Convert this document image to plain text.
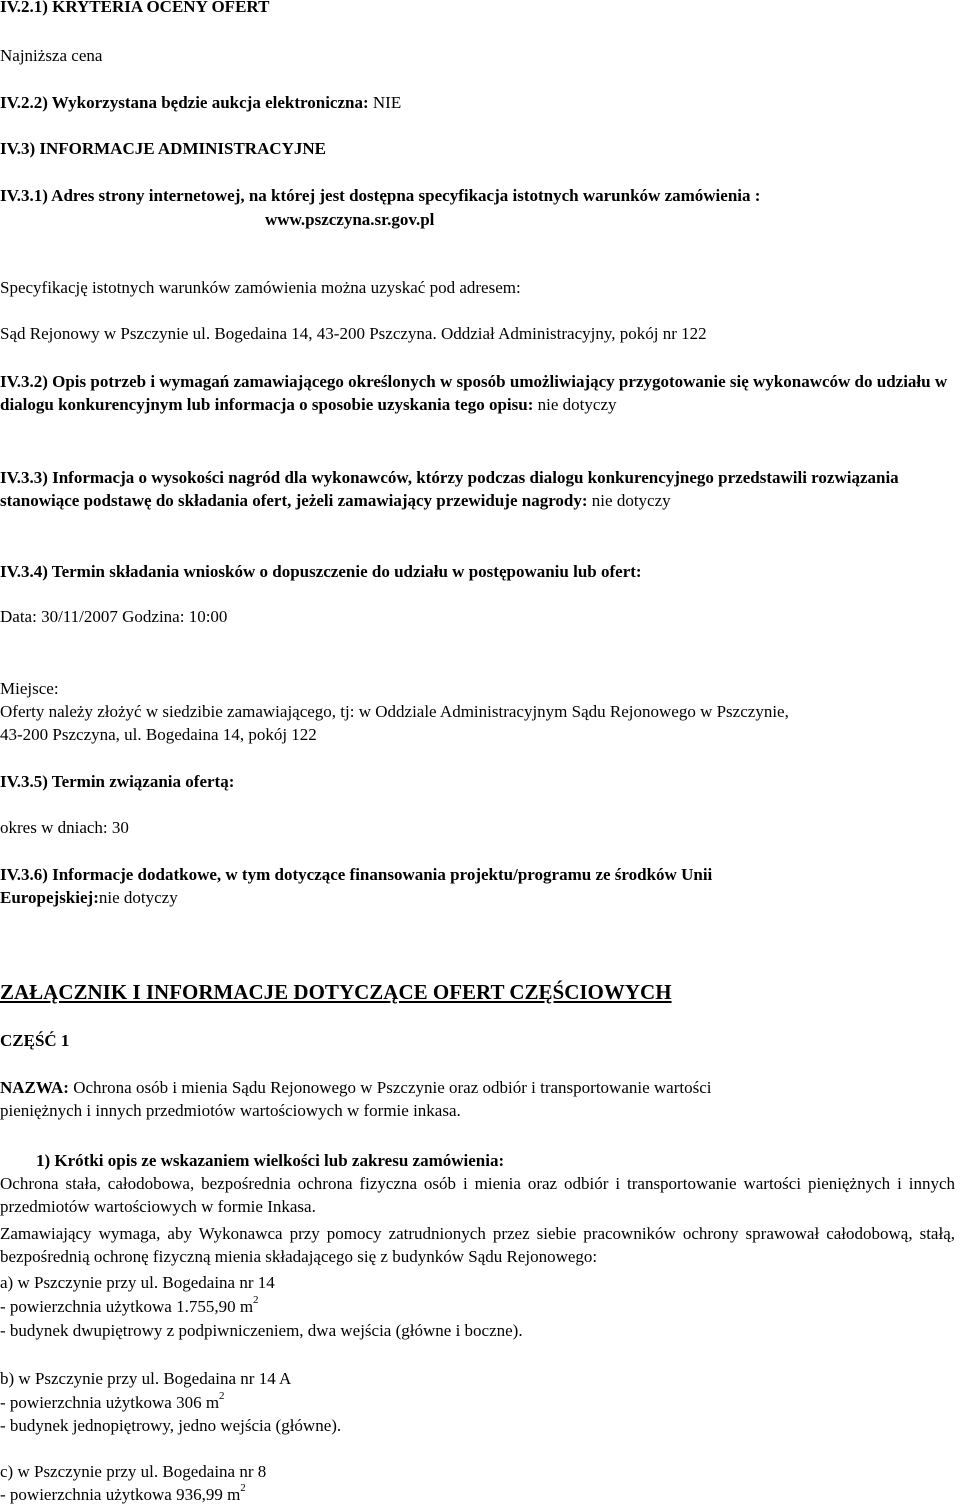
IV.2.1) KRYTERIA OCENY OFERT
Najniższa cena
IV.2.2) Wykorzystana będzie aukcja elektroniczna: NIE
IV.3) INFORMACJE ADMINISTRACYJNE
IV.3.1) Adres strony internetowej, na której jest dostępna specyfikacja istotnych warunków zamówienia :
www.pszczyna.sr.gov.pl
Specyfikację istotnych warunków zamówienia można uzyskać pod adresem:
Sąd Rejonowy w Pszczynie ul. Bogedaina 14, 43-200 Pszczyna. Oddział Administracyjny, pokój nr 122
IV.3.2) Opis potrzeb i wymagań zamawiającego określonych w sposób umożliwiający przygotowanie się wykonawców do udziału w dialogu konkurencyjnym lub informacja o sposobie uzyskania tego opisu: nie dotyczy
IV.3.3) Informacja o wysokości nagród dla wykonawców, którzy podczas dialogu konkurencyjnego przedstawili rozwiązania stanowiące podstawę do składania ofert, jeżeli zamawiający przewiduje nagrody: nie dotyczy
IV.3.4) Termin składania wniosków o dopuszczenie do udziału w postępowaniu lub ofert:
Data: 30/11/2007 Godzina: 10:00
Miejsce:
Oferty należy złożyć w siedzibie zamawiającego, tj: w Oddziale Administracyjnym Sądu Rejonowego w Pszczynie,
43-200 Pszczyna, ul. Bogedaina 14, pokój 122
IV.3.5) Termin związania ofertą:
okres w dniach: 30
IV.3.6) Informacje dodatkowe, w tym dotyczące finansowania projektu/programu ze środków Unii
Europejskiej:nie dotyczy
ZAŁĄCZNIK I INFORMACJE DOTYCZĄCE OFERT CZĘŚCIOWYCH
CZĘŚĆ 1
NAZWA: Ochrona osób i mienia Sądu Rejonowego w Pszczynie oraz odbiór i transportowanie wartości
pieniężnych i innych przedmiotów wartościowych w formie inkasa.
1) Krótki opis ze wskazaniem wielkości lub zakresu zamówienia:
Ochrona stała, całodobowa, bezpośrednia ochrona fizyczna osób i mienia oraz odbiór i transportowanie wartości pieniężnych i innych przedmiotów wartościowych w formie Inkasa.
Zamawiający wymaga, aby Wykonawca przy pomocy zatrudnionych przez siebie pracowników ochrony sprawował całodobową, stałą, bezpośrednią ochronę fizyczną mienia składającego się z budynków Sądu Rejonowego:
a) w Pszczynie przy ul. Bogedaina nr 14
- powierzchnia użytkowa 1.755,90 $m^2$
- budynek dwupiętrowy z podpiwniczeniem, dwa wejścia (główne i boczne).
b) w Pszczynie przy ul. Bogedaina nr 14 A
- powierzchnia użytkowa 306 $m^2$
- budynek jednopiętrowy, jedno wejścia (główne).
c) w Pszczynie przy ul. Bogedaina nr 8
- powierzchnia użytkowa 936,99 $m^2$
